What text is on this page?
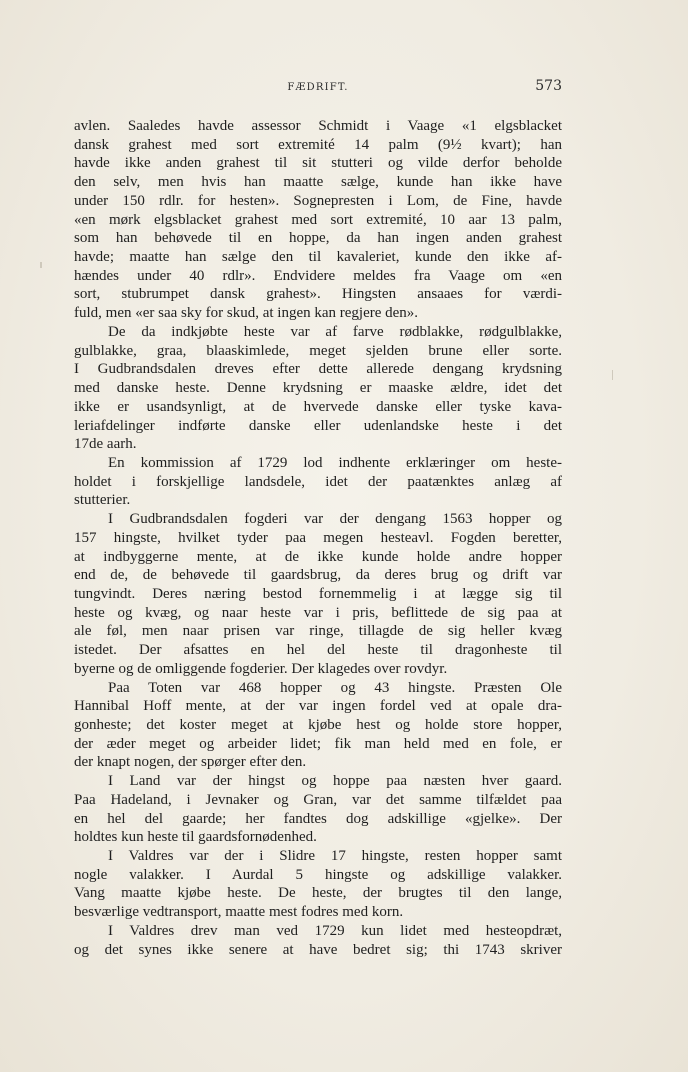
FÆDRIFT.	573
avlen. Saaledes havde assessor Schmidt i Vaage «1 elgsblacket
dansk grahest med sort extremité 14 palm (9½ kvart); han
havde ikke anden grahest til sit stutteri og vilde derfor beholde
den selv, men hvis han maatte sælge, kunde han ikke have
under 150 rdlr. for hesten». Sognepresten i Lom, de Fine, havde
«en mørk elgsblacket grahest med sort extremité, 10 aar 13 palm,
som han behøvede til en hoppe, da han ingen anden grahest
havde; maatte han sælge den til kavaleriet, kunde den ikke af-
hændes under 40 rdlr». Endvidere meldes fra Vaage om «en
sort, stubrumpet dansk grahest». Hingsten ansaaes for værdi-
fuld, men «er saa sky for skud, at ingen kan regjere den».
De da indkjøbte heste var af farve rødblakke, rødgulblakke,
gulblakke, graa, blaaskimlede, meget sjelden brune eller sorte.
I Gudbrandsdalen dreves efter dette allerede dengang krydsning
med danske heste. Denne krydsning er maaske ældre, idet det
ikke er usandsynligt, at de hvervede danske eller tyske kava-
leriafdelinger indførte danske eller udenlandske heste i det
17de aarh.
En kommission af 1729 lod indhente erklæringer om heste-
holdet i forskjellige landsdele, idet der paatænktes anlæg af
stutterier.
I Gudbrandsdalen fogderi var der dengang 1563 hopper og
157 hingste, hvilket tyder paa megen hesteavl. Fogden beretter,
at indbyggerne mente, at de ikke kunde holde andre hopper
end de, de behøvede til gaardsbrug, da deres brug og drift var
tungvindt. Deres næring bestod fornemmelig i at lægge sig til
heste og kvæg, og naar heste var i pris, beflittede de sig paa at
ale føl, men naar prisen var ringe, tillagde de sig heller kvæg
istedet. Der afsattes en hel del heste til dragonheste til
byerne og de omliggende fogderier. Der klagedes over rovdyr.
Paa Toten var 468 hopper og 43 hingste. Præsten Ole
Hannibal Hoff mente, at der var ingen fordel ved at opale dra-
gonheste; det koster meget at kjøbe hest og holde store hopper,
der æder meget og arbeider lidet; fik man held med en fole, er
der knapt nogen, der spørger efter den.
I Land var der hingst og hoppe paa næsten hver gaard.
Paa Hadeland, i Jevnaker og Gran, var det samme tilfældet paa
en hel del gaarde; her fandtes dog adskillige «gjelke». Der
holdtes kun heste til gaardsfornødenhed.
I Valdres var der i Slidre 17 hingste, resten hopper samt
nogle valakker. I Aurdal 5 hingste og adskillige valakker.
Vang maatte kjøbe heste. De heste, der brugtes til den lange,
besværlige vedtransport, maatte mest fodres med korn.
I Valdres drev man ved 1729 kun lidet med hesteopdræt,
og det synes ikke senere at have bedret sig; thi 1743 skriver
